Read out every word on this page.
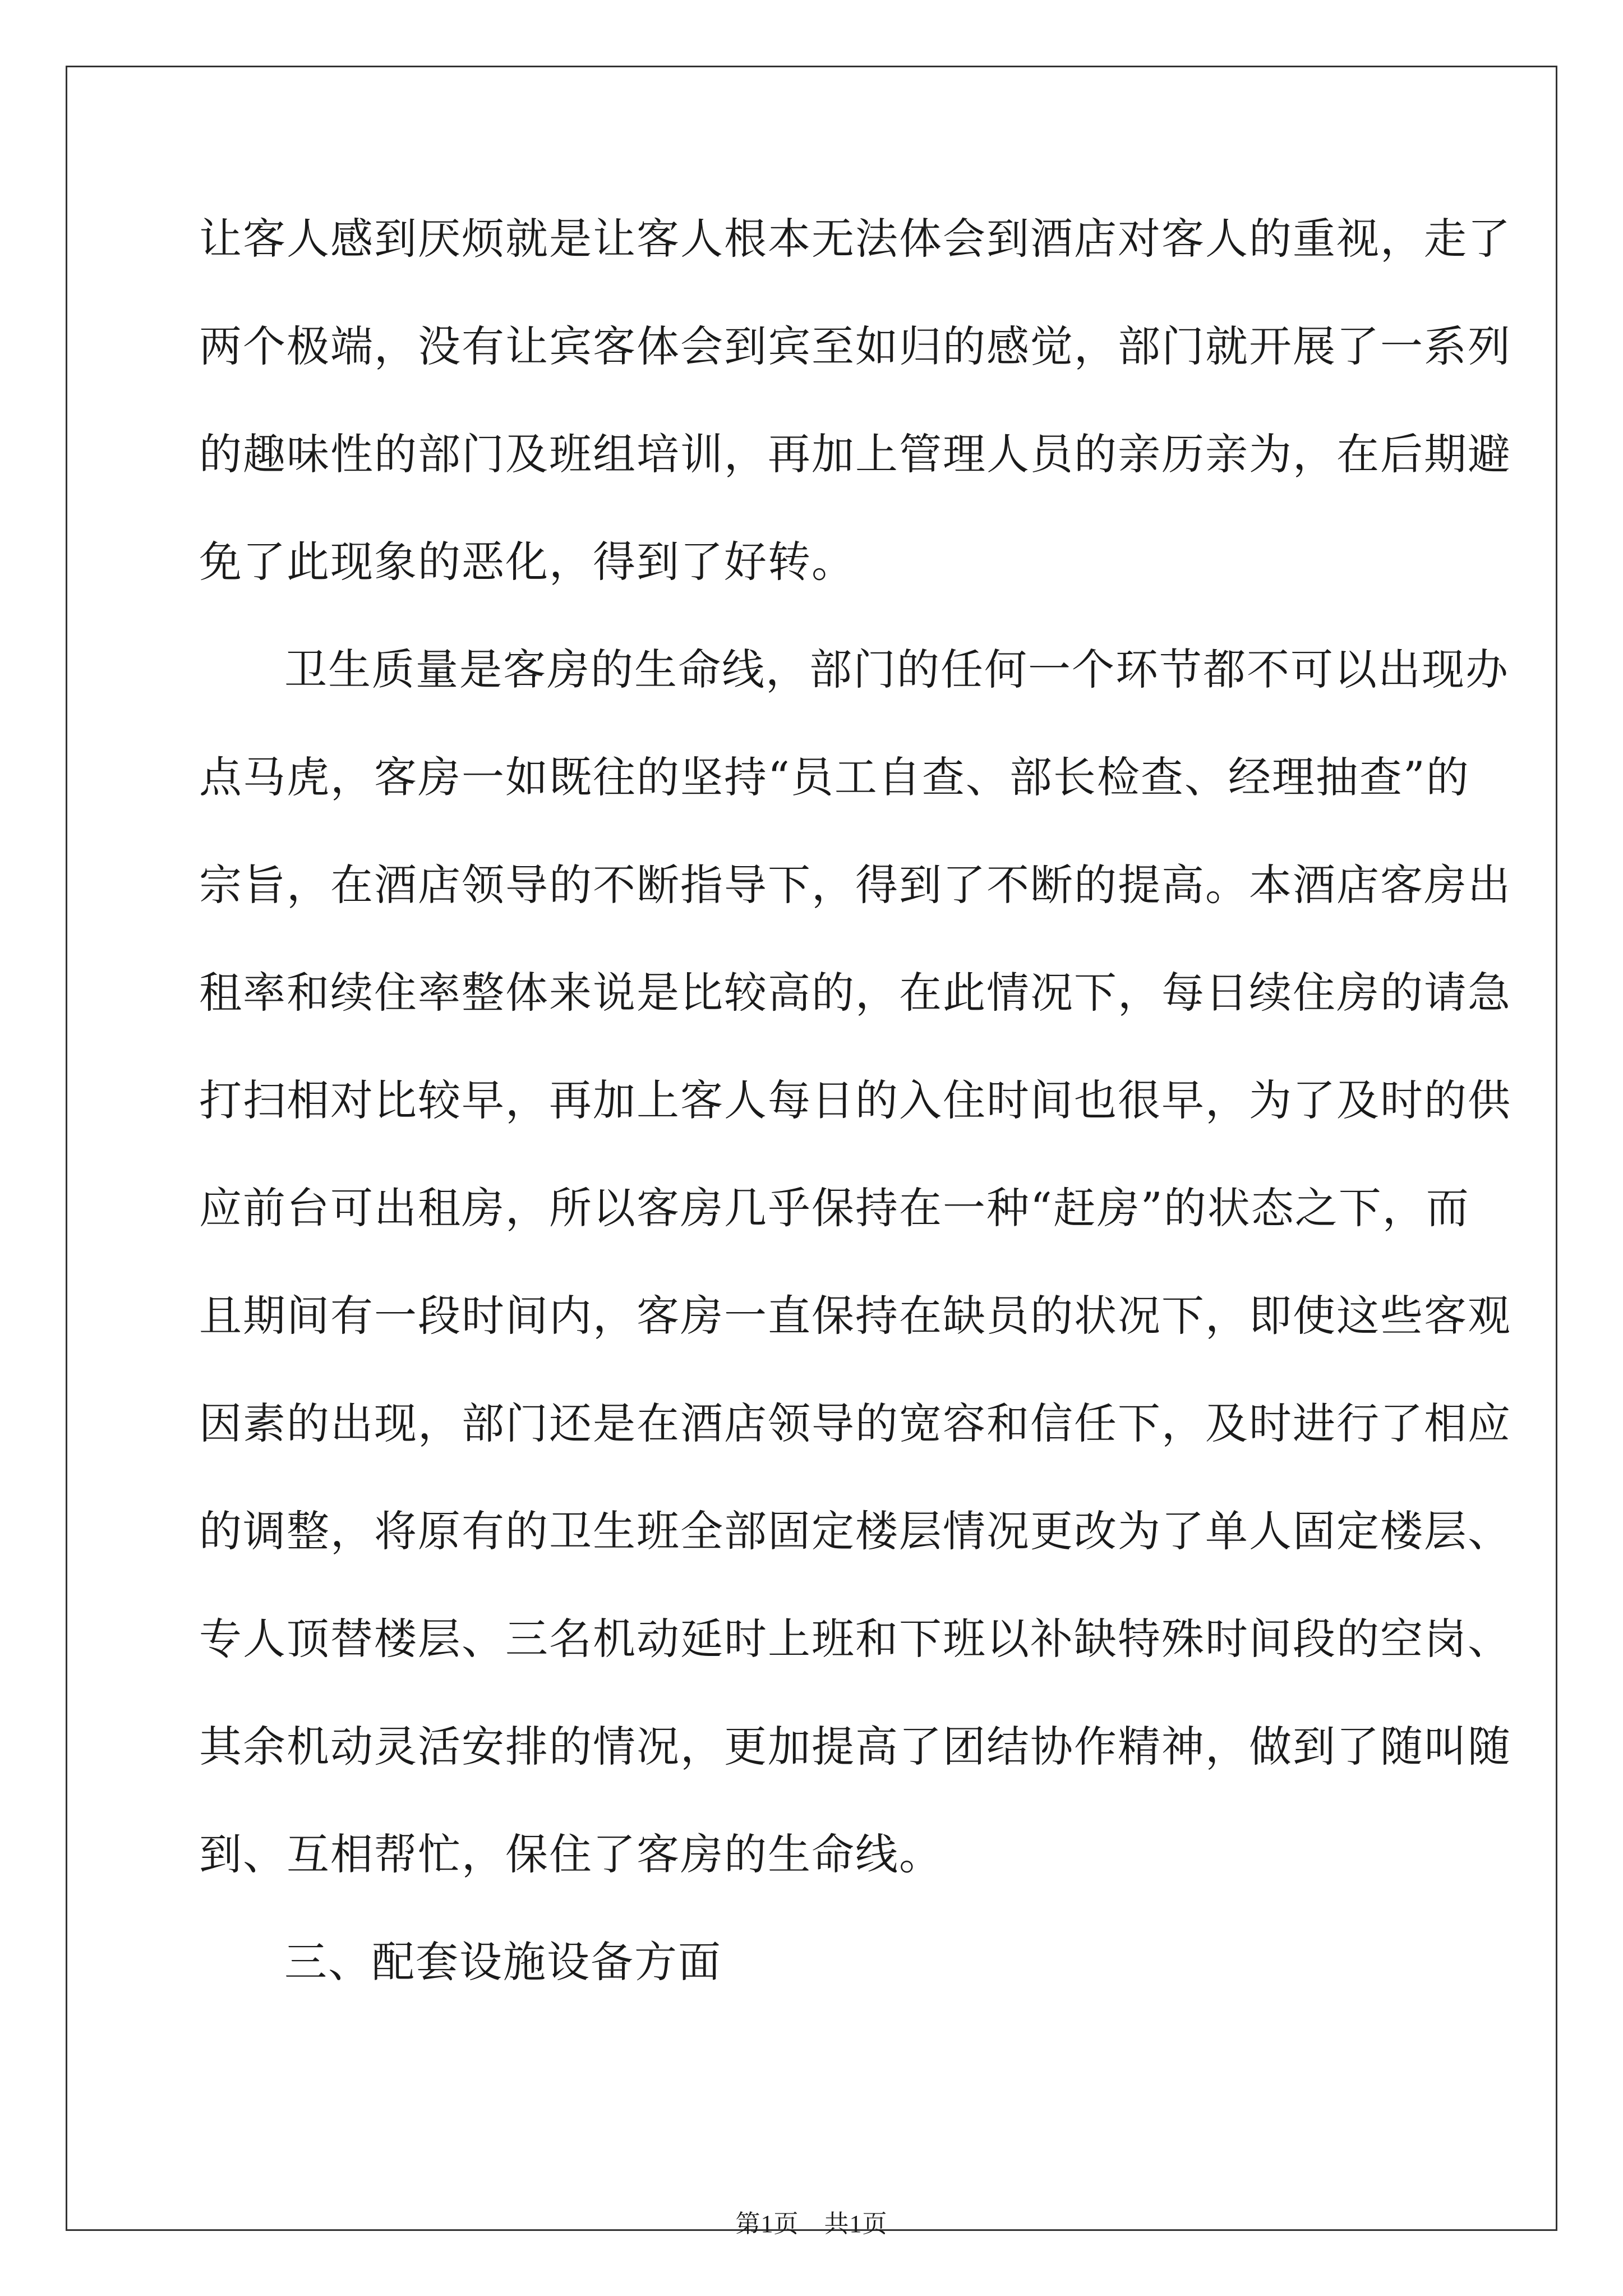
让客人感到厌烦就是让客人根本无法体会到酒店对客人的重视，走了
两个极端，没有让宾客体会到宾至如归的感觉，部门就开展了一系列
的趣味性的部门及班组培训，再加上管理人员的亲历亲为，在后期避
免了此现象的恶化，得到了好转。

卫生质量是客房的生命线，部门的任何一个环节都不可以出现办
点马虎，客房一如既往的坚持“员工自查、部长检查、经理抽查”的
宗旨，在酒店领导的不断指导下，得到了不断的提高。本酒店客房出
租率和续住率整体来说是比较高的，在此情况下，每日续住房的请急
打扫相对比较早，再加上客人每日的入住时间也很早，为了及时的供
应前台可出租房，所以客房几乎保持在一种“赶房”的状态之下，而
且期间有一段时间内，客房一直保持在缺员的状况下，即使这些客观
因素的出现，部门还是在酒店领导的宽容和信任下，及时进行了相应
的调整，将原有的卫生班全部固定楼层情况更改为了单人固定楼层、
专人顶替楼层、三名机动延时上班和下班以补缺特殊时间段的空岗、
其余机动灵活安排的情况，更加提高了团结协作精神，做到了随叫随
到、互相帮忙，保住了客房的生命线。

三、配套设施设备方面

第1页　共1页
